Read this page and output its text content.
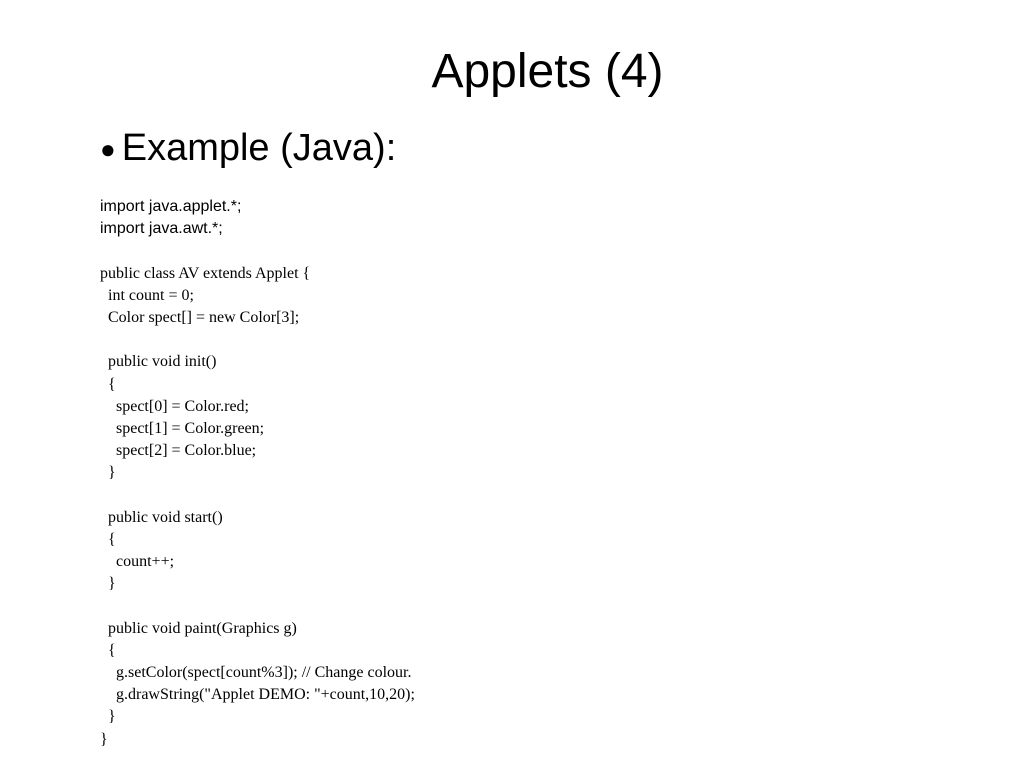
Applets (4)
● Example (Java):
import java.applet.*;
import java.awt.*;
public class AV extends Applet {
int count = 0;
Color spect[] = new Color[3];
public void init()
{
spect[0] = Color.red;
spect[1] = Color.green;
spect[2] = Color.blue;
}
public void start()
{
count++;
}
public void paint(Graphics g)
{
g.setColor(spect[count%3]); // Change colour.
g.drawString("Applet DEMO: "+count,10,20);
}
}
